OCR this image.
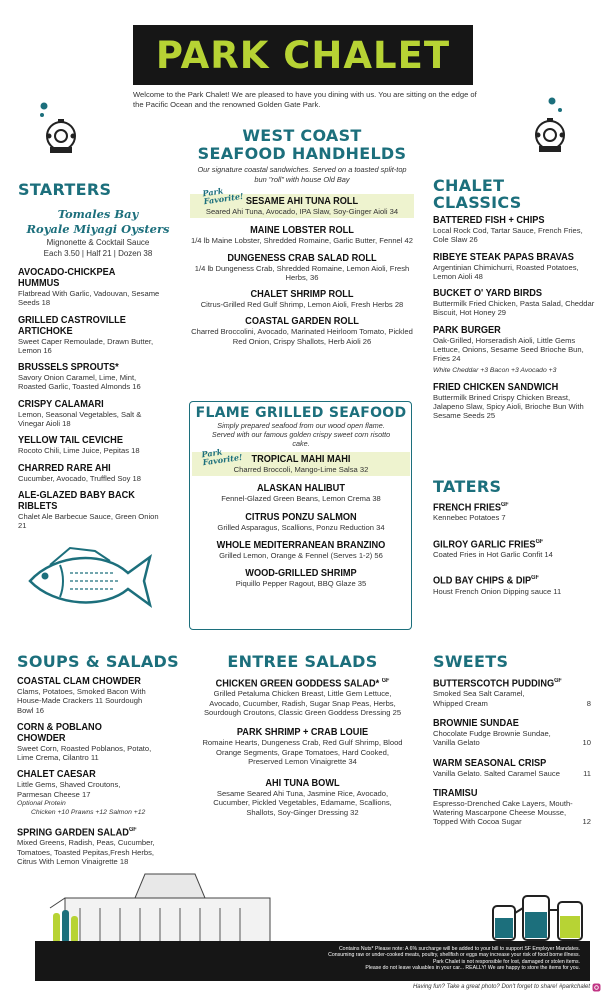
PARK CHALET

Welcome to the Park Chalet! We are pleased to have you dining with us. You are sitting on the edge of the Pacific Ocean and the renowned Golden Gate Park.

STARTERS
Tomales Bay
Royale Miyagi Oysters
Mignonette & Cocktail Sauce
Each 3.50 | Half 21 | Dozen 38
AVOCADO-CHICKPEA HUMMUS

Flatbread With Garlic, Vadouvan, Sesame Seeds 18

GRILLED CASTROVILLE ARTICHOKE

Sweet Caper Remoulade, Drawn Butter, Lemon 16

BRUSSELS SPROUTS*

Savory Onion Caramel, Lime, Mint, Roasted Garlic, Toasted Almonds 16

CRISPY CALAMARI

Lemon, Seasonal Vegetables, Salt & Vinegar Aioli 18

YELLOW TAIL CEVICHE

Rocoto Chili, Lime Juice, Pepitas 18

CHARRED RARE AHI

Cucumber, Avocado, Truffled Soy 18

ALE-GLAZED BABY BACK RIBLETS

Chalet Ale Barbecue Sauce, Green Onion 21

WEST COAST
SEAFOOD HANDHELDS

Our signature coastal sandwiches. Served on a toasted split-top bun "roll" with house Old Bay

SESAME AHI TUNA ROLL

Seared Ahi Tuna, Avocado, IPA Slaw, Soy-Ginger Aioli 34

MAINE LOBSTER ROLL

1/4 lb Maine Lobster, Shredded Romaine, Garlic Butter, Fennel 42

DUNGENESS CRAB SALAD ROLL

1/4 lb Dungeness Crab, Shredded Romaine, Lemon Aioli, Fresh Herbs, 36

CHALET SHRIMP ROLL

Citrus-Grilled Red Gulf Shrimp, Lemon Aioli, Fresh Herbs 28

COASTAL GARDEN ROLL

Charred Broccolini, Avocado, Marinated Heirloom Tomato, Pickled Red Onion, Crispy Shallots, Herb Aioli 26

Park Favorite!
FLAME GRILLED SEAFOOD

Simply prepared seafood from our wood open flame. Served with our famous golden crispy sweet corn risotto cake.

TROPICAL MAHI MAHI

Charred Broccoli, Mango-Lime Salsa 32

ALASKAN HALIBUT

Fennel-Glazed Green Beans, Lemon Crema 38

CITRUS PONZU SALMON

Grilled Asparagus, Scallions, Ponzu Reduction 34

WHOLE MEDITERRANEAN BRANZINO

Grilled Lemon, Orange & Fennel (Serves 1-2) 56

WOOD-GRILLED SHRIMP

Piquillo Pepper Ragout, BBQ Glaze 35

Park Favorite!
CHALET
CLASSICS
BATTERED FISH + CHIPS

Local Rock Cod, Tartar Sauce, French Fries, Cole Slaw 26

RIBEYE STEAK PAPAS BRAVAS

Argentinian Chimichurri, Roasted Potatoes, Lemon Aioli 48

BUCKET O' YARD BIRDS

Buttermilk Fried Chicken, Pasta Salad, Cheddar Biscuit, Hot Honey 29

PARK BURGER

Oak-Grilled, Horseradish Aioli, Little Gems Lettuce, Onions, Sesame Seed Brioche Bun, Fries 24

White Cheddar +3 Bacon +3 Avocado +3

FRIED CHICKEN SANDWICH

Buttermilk Brined Crispy Chicken Breast, Jalapeno Slaw, Spicy Aioli, Brioche Bun With Sesame Seeds 25

TATERS
FRENCH $FRIES^{GF}$

Kennebec Potatoes 7

GILROY GARLIC $FRIES^{GF}$

Coated Fries in Hot Garlic Confit 14

OLD BAY CHIPS & $DIP^{GF}$

Houst French Onion Dipping sauce 11

SOUPS & SALADS
COASTAL CLAM CHOWDER

Clams, Potatoes, Smoked Bacon With House-Made Crackers 11 Sourdough Bowl 16

CORN & POBLANO CHOWDER

Sweet Corn, Roasted Poblanos, Potato, Lime Crema, Cilantro 11

CHALET CAESAR

Little Gems, Shaved Croutons, Parmesan Cheese 17

Optional Protein

Chicken +10 Prawns +12 Salmon +12

SPRING GARDEN $SALAD^{GF}$

Mixed Greens, Radish, Peas, Cucumber, Tomatoes, Toasted Pepitas,Fresh Herbs, Citrus With Lemon Vinaigrette 18

ENTREE SALADS
CHICKEN GREEN GODDESS SALAD* $^{GF}$

Grilled Petaluma Chicken Breast, Little Gem Lettuce, Avocado, Cucumber, Radish, Sugar Snap Peas, Herbs, Sourdough Croutons, Classic Green Goddess Dressing 25

PARK SHRIMP + CRAB LOUIE

Romaine Hearts, Dungeness Crab, Red Gulf Shrimp, Blood Orange Segments, Grape Tomatoes, Hard Cooked, Preserved Lemon Vinaigrette 34

AHI TUNA BOWL

Sesame Seared Ahi Tuna, Jasmine Rice, Avocado, Cucumber, Pickled Vegetables, Edamame, Scallions, Shallots, Soy-Ginger Dressing 32

SWEETS
BUTTERSCOTCH $PUDDING^{GF}$

Smoked Sea Salt Caramel, Whipped Cream	8

BROWNIE SUNDAE

Chocolate Fudge Brownie Sundae, Vanilla Gelato	10

WARM SEASONAL CRISP

Vanilla Gelato. Salted Caramel Sauce	11

TIRAMISU

Espresso-Drenched Cake Layers, Mouth-Watering Mascarpone Cheese Mousse, Topped With Cocoa Sugar	12

Contains Nuts* Please note: A 6% surcharge will be added to your bill to support SF Employer Mandates.
Consuming raw or under-cooked meats, poultry, shellfish or eggs may increase your risk of food borne illness.
Park Chalet is not responsible for lost, damaged or stolen items.
Please do not leave valuables in your car... REALLY! We are happy to store the items for you.
Having fun? Take a great photo? Don't forget to share! #parkchalet
